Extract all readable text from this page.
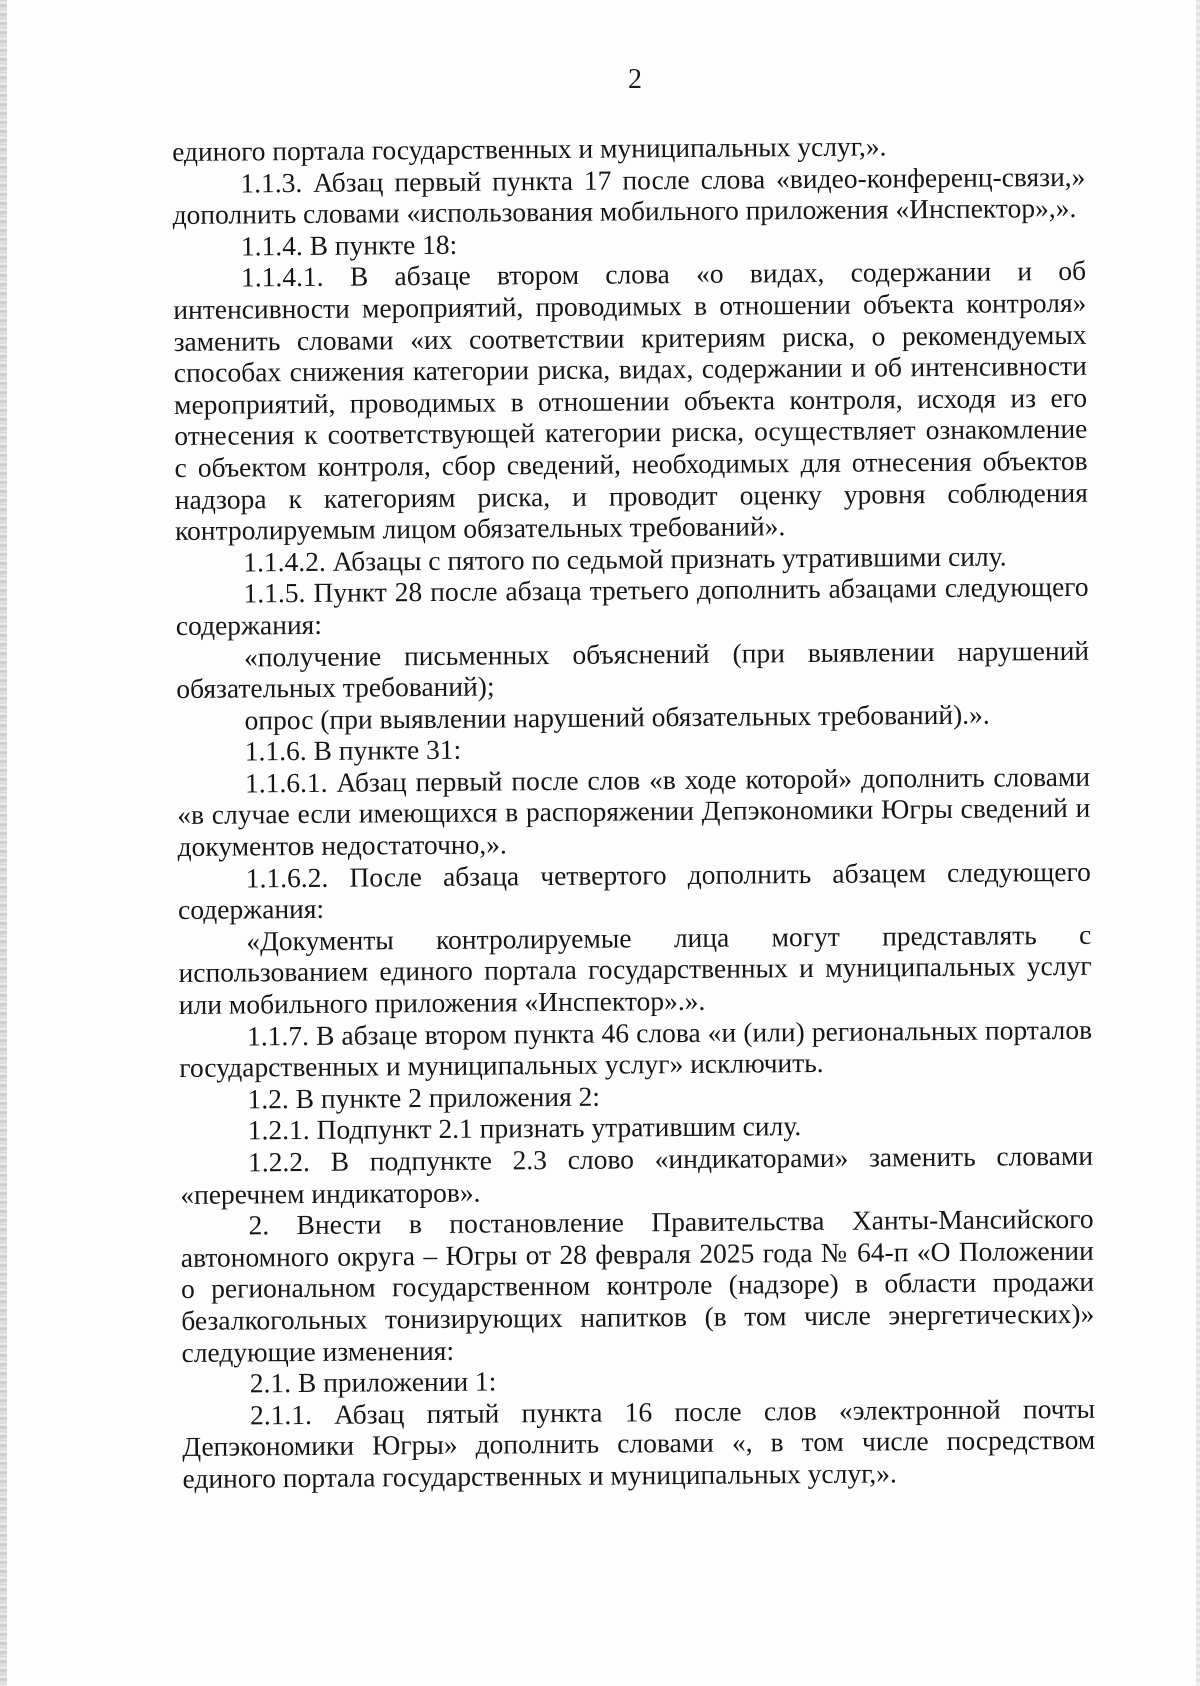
2

единого портала государственных и муниципальных услуг,».

1.1.3. Абзац первый пункта 17 после слова «видео-конференц-связи,» дополнить словами «использования мобильного приложения «Инспектор»,».

1.1.4. В пункте 18:

1.1.4.1. В абзаце втором слова «о видах, содержании и об интенсивности мероприятий, проводимых в отношении объекта контроля» заменить словами «их соответствии критериям риска, о рекомендуемых способах снижения категории риска, видах, содержании и об интенсивности мероприятий, проводимых в отношении объекта контроля, исходя из его отнесения к соответствующей категории риска, осуществляет ознакомление с объектом контроля, сбор сведений, необходимых для отнесения объектов надзора к категориям риска, и проводит оценку уровня соблюдения контролируемым лицом обязательных требований».

1.1.4.2. Абзацы с пятого по седьмой признать утратившими силу.

1.1.5. Пункт 28 после абзаца третьего дополнить абзацами следующего содержания:

«получение письменных объяснений (при выявлении нарушений обязательных требований);

опрос (при выявлении нарушений обязательных требований).».

1.1.6. В пункте 31:

1.1.6.1. Абзац первый после слов «в ходе которой» дополнить словами «в случае если имеющихся в распоряжении Депэкономики Югры сведений и документов недостаточно,».

1.1.6.2. После абзаца четвертого дополнить абзацем следующего содержания:

«Документы контролируемые лица могут представлять с использованием единого портала государственных и муниципальных услуг или мобильного приложения «Инспектор».».

1.1.7. В абзаце втором пункта 46 слова «и (или) региональных порталов государственных и муниципальных услуг» исключить.

1.2. В пункте 2 приложения 2:

1.2.1. Подпункт 2.1 признать утратившим силу.

1.2.2. В подпункте 2.3 слово «индикаторами» заменить словами «перечнем индикаторов».

2. Внести в постановление Правительства Ханты-Мансийского автономного округа – Югры от 28 февраля 2025 года № 64-п «О Положении о региональном государственном контроле (надзоре) в области продажи безалкогольных тонизирующих напитков (в том числе энергетических)» следующие изменения:

2.1. В приложении 1:

2.1.1. Абзац пятый пункта 16 после слов «электронной почты Депэкономики Югры» дополнить словами «, в том числе посредством единого портала государственных и муниципальных услуг,».
